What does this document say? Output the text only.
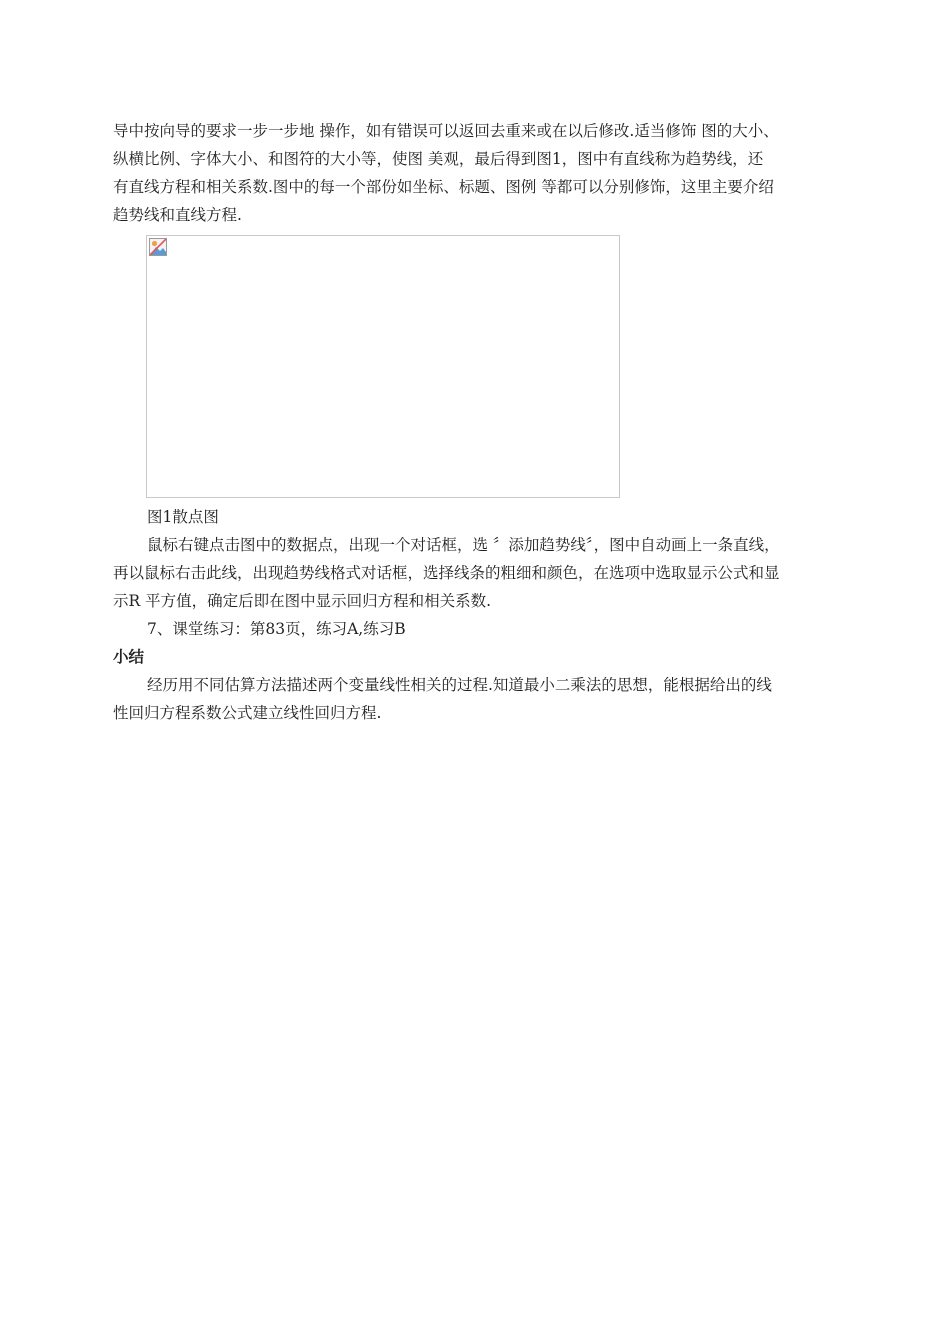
导中按向导的要求一步一步地 操作，如有错误可以返回去重来或在以后修改.适当修饰 图的大小、
纵横比例、字体大小、和图符的大小等，使图 美观，最后得到图1，图中有直线称为趋势线，还
有直线方程和相关系数.图中的每一个部份如坐标、标题、图例 等都可以分别修饰，这里主要介绍
趋势线和直线方程.
图1散点图
鼠标右键点击图中的数据点，出现一个对话框，选 〞添加趋势线〞，图中自动画上一条直线，
再以鼠标右击此线，出现趋势线格式对话框，选择线条的粗细和颜色，在选项中选取显示公式和显
示R 平方值，确定后即在图中显示回归方程和相关系数.
7、课堂练习：第83页，练习A,练习B
小结
经历用不同估算方法描述两个变量线性相关的过程.知道最小二乘法的思想，能根据给出的线
性回归方程系数公式建立线性回归方程.
